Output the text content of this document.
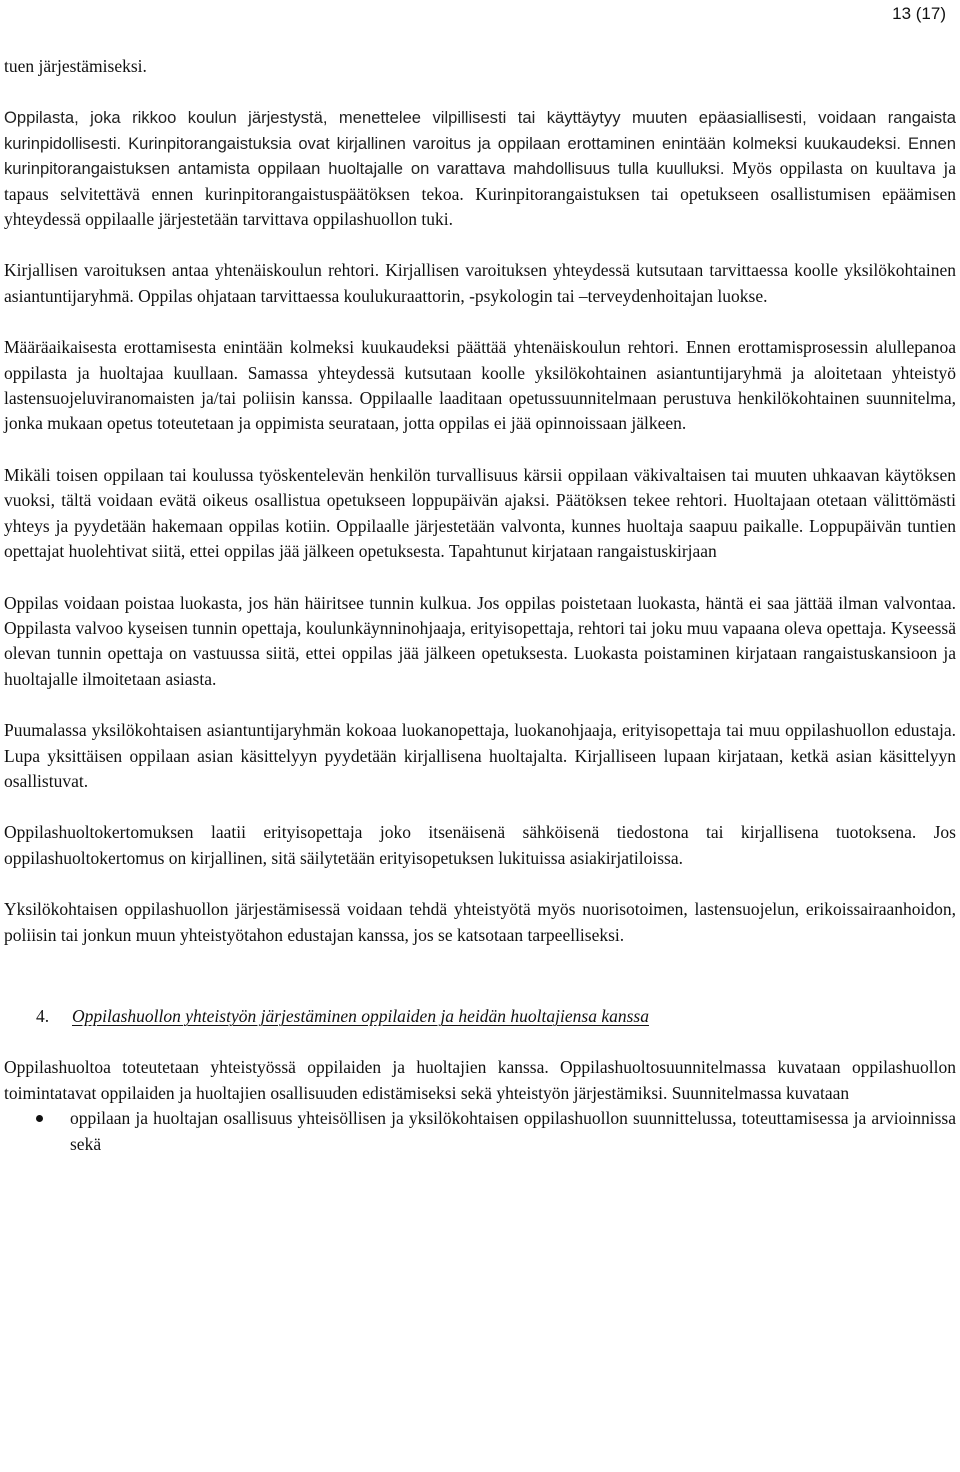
13 (17)

tuen järjestämiseksi.

Oppilasta, joka rikkoo koulun järjestystä, menettelee vilpillisesti tai käyttäytyy muuten epäasiallisesti, voidaan rangaista kurinpidollisesti. Kurinpitorangaistuksia ovat kirjallinen varoitus ja oppilaan erottaminen enintään kolmeksi kuukaudeksi. Ennen kurinpitorangaistuksen antamista oppilaan huoltajalle on varattava mahdollisuus tulla kuulluksi. Myös oppilasta on kuultava ja tapaus selvitettävä ennen kurinpitorangaistuspäätöksen tekoa. Kurinpitorangaistuksen tai opetukseen osallistumisen epäämisen yhteydessä oppilaalle järjestetään tarvittava oppilashuollon tuki.

Kirjallisen varoituksen antaa yhtenäiskoulun rehtori. Kirjallisen varoituksen yhteydessä kutsutaan tarvittaessa koolle yksilökohtainen asiantuntijaryhmä. Oppilas ohjataan tarvittaessa koulukuraattorin, -psykologin tai –terveydenhoitajan luokse.

Määräaikaisesta erottamisesta enintään kolmeksi kuukaudeksi päättää yhtenäiskoulun rehtori. Ennen erottamisprosessin alullepanoa oppilasta ja huoltajaa kuullaan. Samassa yhteydessä kutsutaan koolle yksilökohtainen asiantuntijaryhmä ja aloitetaan yhteistyö lastensuojeluviranomaisten ja/tai poliisin kanssa. Oppilaalle laaditaan opetussuunnitelmaan perustuva henkilökohtainen suunnitelma, jonka mukaan opetus toteutetaan ja oppimista seurataan, jotta oppilas ei jää opinnoissaan jälkeen.

Mikäli toisen oppilaan tai koulussa työskentelevän henkilön turvallisuus kärsii oppilaan väkivaltaisen tai muuten uhkaavan käytöksen vuoksi, tältä voidaan evätä oikeus osallistua opetukseen loppupäivän ajaksi. Päätöksen tekee rehtori. Huoltajaan otetaan välittömästi yhteys ja pyydetään hakemaan oppilas kotiin. Oppilaalle järjestetään valvonta, kunnes huoltaja saapuu paikalle. Loppupäivän tuntien opettajat huolehtivat siitä, ettei oppilas jää jälkeen opetuksesta. Tapahtunut kirjataan rangaistuskirjaan

Oppilas voidaan poistaa luokasta, jos hän häiritsee tunnin kulkua. Jos oppilas poistetaan luokasta, häntä ei saa jättää ilman valvontaa. Oppilasta valvoo kyseisen tunnin opettaja, koulunkäynninohjaaja, erityisopettaja, rehtori tai joku muu vapaana oleva opettaja. Kyseessä olevan tunnin opettaja on vastuussa siitä, ettei oppilas jää jälkeen opetuksesta. Luokasta poistaminen kirjataan rangaistuskansioon ja huoltajalle ilmoitetaan asiasta.

Puumalassa yksilökohtaisen asiantuntijaryhmän kokoaa luokanopettaja, luokanohjaaja, erityisopettaja tai muu oppilashuollon edustaja. Lupa yksittäisen oppilaan asian käsittelyyn pyydetään kirjallisena huoltajalta. Kirjalliseen lupaan kirjataan, ketkä asian käsittelyyn osallistuvat.

Oppilashuoltokertomuksen laatii erityisopettaja joko itsenäisenä sähköisenä tiedostona tai kirjallisena tuotoksena. Jos oppilashuoltokertomus on kirjallinen, sitä säilytetään erityisopetuksen lukituissa asiakirjatiloissa.

Yksilökohtaisen oppilashuollon järjestämisessä voidaan tehdä yhteistyötä myös nuorisotoimen, lastensuojelun, erikoissairaanhoidon, poliisin tai jonkun muun yhteistyötahon edustajan kanssa, jos se katsotaan tarpeelliseksi.

4. Oppilashuollon yhteistyön järjestäminen oppilaiden ja heidän huoltajiensa kanssa

Oppilashuoltoa toteutetaan yhteistyössä oppilaiden ja huoltajien kanssa. Oppilashuoltosuunnitelmassa kuvataan oppilashuollon toimintatavat oppilaiden ja huoltajien osallisuuden edistämiseksi sekä yhteistyön järjestämiksi. Suunnitelmassa kuvataan

oppilaan ja huoltajan osallisuus yhteisöllisen ja yksilökohtaisen oppilashuollon suunnittelussa, toteuttamisessa ja arvioinnissa sekä
